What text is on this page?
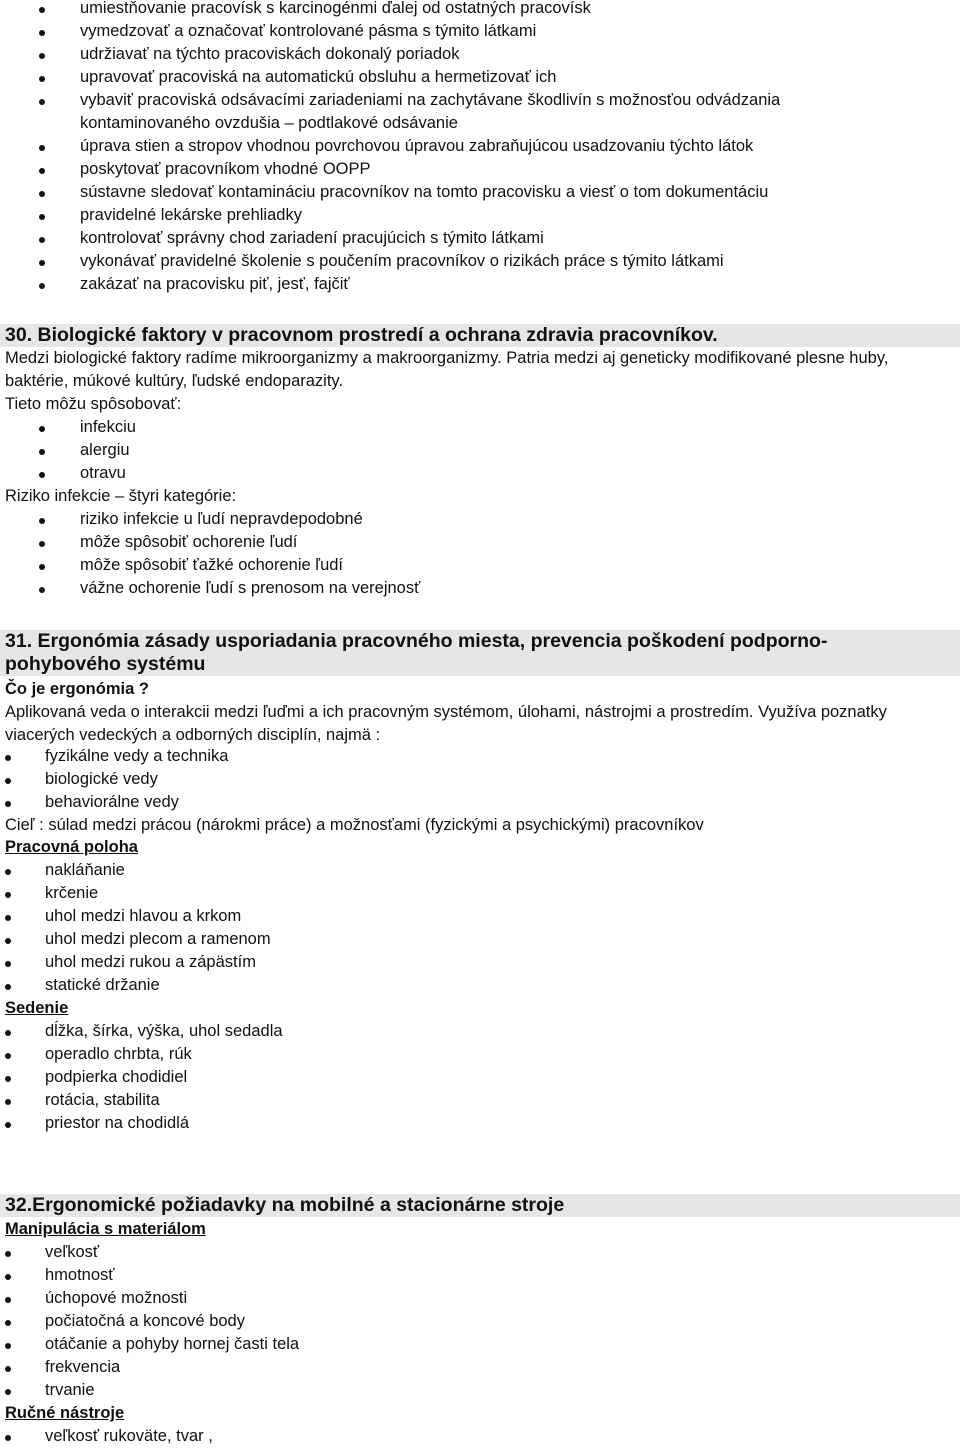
umiestňovanie pracovísk s karcinogénmi ďalej od ostatných pracovísk
vymedzovať a označovať kontrolované pásma s týmito látkami
udržiavať na týchto pracoviskách dokonalý poriadok
upravovať pracoviská na automatickú obsluhu a hermetizovať ich
vybaviť pracoviská odsávacími zariadeniami na zachytávane škodlivín s možnosťou odvádzania
kontaminovaného ovzdušia – podtlakové odsávanie
úprava stien a stropov vhodnou povrchovou úpravou zabraňujúcou usadzovaniu týchto látok
poskytovať pracovníkom vhodné OOPP
sústavne sledovať kontamináciu pracovníkov na tomto pracovisku a viesť o tom dokumentáciu
pravidelné lekárske prehliadky
kontrolovať správny chod zariadení pracujúcich s týmito látkami
vykonávať pravidelné školenie s poučením pracovníkov o rizikách práce s týmito látkami
zakázať na pracovisku piť, jesť, fajčiť
30. Biologické faktory v pracovnom prostredí a ochrana zdravia pracovníkov.
Medzi biologické faktory radíme mikroorganizmy a makroorganizmy. Patria medzi aj geneticky modifikované plesne huby, baktérie, múkové kultúry, ľudské endoparazity.
Tieto môžu spôsobovať:
infekciu
alergiu
otravu
Riziko infekcie – štyri kategórie:
riziko infekcie u ľudí nepravdepodobné
môže spôsobiť ochorenie ľudí
môže spôsobiť ťažké ochorenie ľudí
vážne ochorenie ľudí s prenosom na verejnosť
31. Ergonómia zásady usporiadania pracovného miesta, prevencia poškodení podporno-pohybového systému
Čo je ergonómia ?
Aplikovaná veda o interakcii medzi ľuďmi a ich pracovným systémom, úlohami, nástrojmi a prostredím. Využíva poznatky viacerých vedeckých a odborných disciplín, najmä :
fyzikálne vedy a technika
biologické vedy
behaviorálne vedy
Cieľ : súlad medzi prácou (nárokmi práce) a možnosťami (fyzickými a psychickými) pracovníkov
Pracovná poloha
nakláňanie
krčenie
uhol medzi hlavou a krkom
uhol medzi plecom a ramenom
uhol medzi rukou a zápästím
statické držanie
Sedenie
dĺžka, šírka, výška, uhol sedadla
operadlo chrbta, rúk
podpierka chodidiel
rotácia, stabilita
priestor na chodidlá
32.Ergonomické požiadavky na mobilné a stacionárne stroje
Manipulácia s materiálom
veľkosť
hmotnosť
úchopové možnosti
počiatočná a koncové body
otáčanie a pohyby hornej časti tela
frekvencia
trvanie
Ručné nástroje
veľkosť rukoväte, tvar ,
